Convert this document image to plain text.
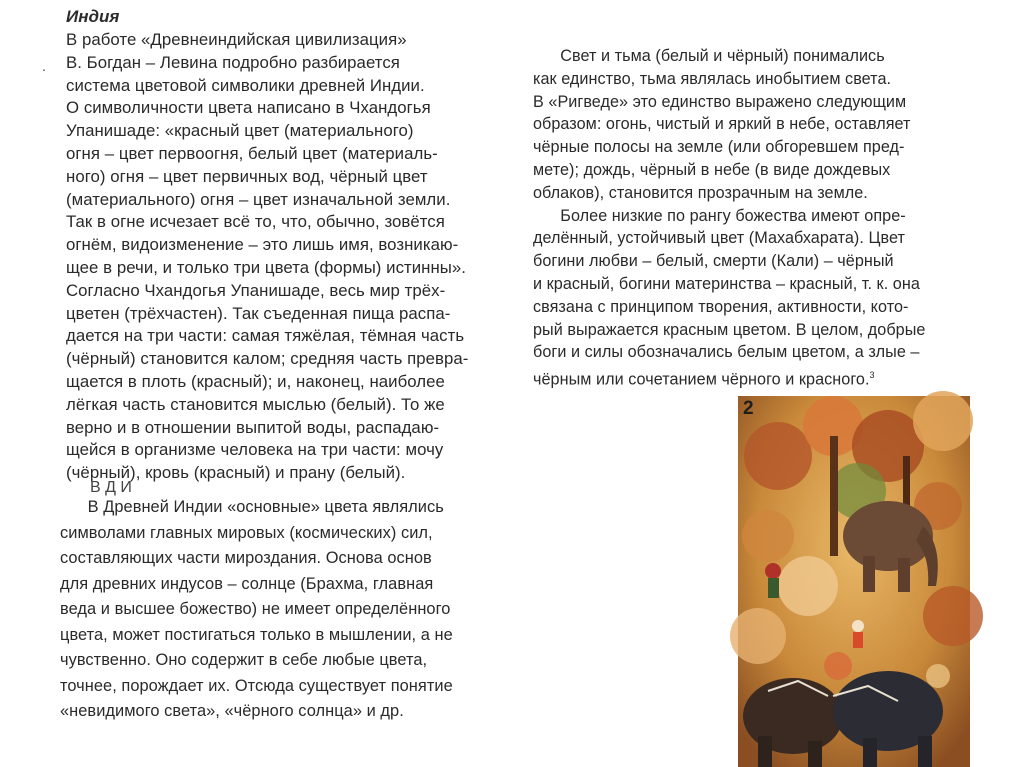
Индия
В работе «Древнеиндийская цивилизация»
В. Богдан – Левина подробно разбирается
система цветовой символики древней Индии.
О символичности цвета написано в Чхандогья
Упанишаде: «красный цвет (материального)
огня – цвет первоогня, белый цвет (материаль-
ного) огня – цвет первичных вод, чёрный цвет
(материального) огня – цвет изначальной земли.
Так в огне исчезает всё то, что, обычно, зовётся
огнём, видоизменение – это лишь имя, возникаю-
щее в речи, и только три цвета (формы) истинны».
Согласно Чхандогья Упанишаде, весь мир трёх-
цветен (трёхчастен). Так съеденная пища распа-
дается на три части: самая тяжёлая, тёмная часть
(чёрный) становится калом; средняя часть превра-
щается в плоть (красный); и, наконец, наиболее
лёгкая часть становится мыслью (белый). То же
верно и в отношении выпитой воды, распадаю-
щейся в организме человека на три части: мочу
(чёрный), кровь (красный) и прану (белый).
В Д И
.
В Древней Индии «основные» цвета являлись
символами главных мировых (космических) сил,
составляющих части мироздания. Основа основ
для древних индусов – солнце (Брахма, главная
веда и высшее божество) не имеет определённого
цвета, может постигаться только в мышлении, а не
чувственно. Оно содержит в себе любые цвета,
точнее, порождает их. Отсюда существует понятие
«невидимого света», «чёрного солнца» и др.
Свет и тьма (белый и чёрный) понимались
как единство, тьма являлась инобытием света.
В «Ригведе» это единство выражено следующим
образом: огонь, чистый и яркий в небе, оставляет
чёрные полосы на земле (или обгоревшем пред-
мете); дождь, чёрный в небе (в виде дождевых
облаков), становится прозрачным на земле.
Более низкие по рангу божества имеют опре-
делённый, устойчивый цвет (Махабхарата). Цвет
богини любви – белый, смерти (Кали) – чёрный
и красный, богини материнства – красный, т. к. она
связана с принципом творения, активности, кото-
рый выражается красным цветом. В целом, добрые
боги и силы обозначались белым цветом, а злые –
чёрным или сочетанием чёрного и красного.$^3$
2
